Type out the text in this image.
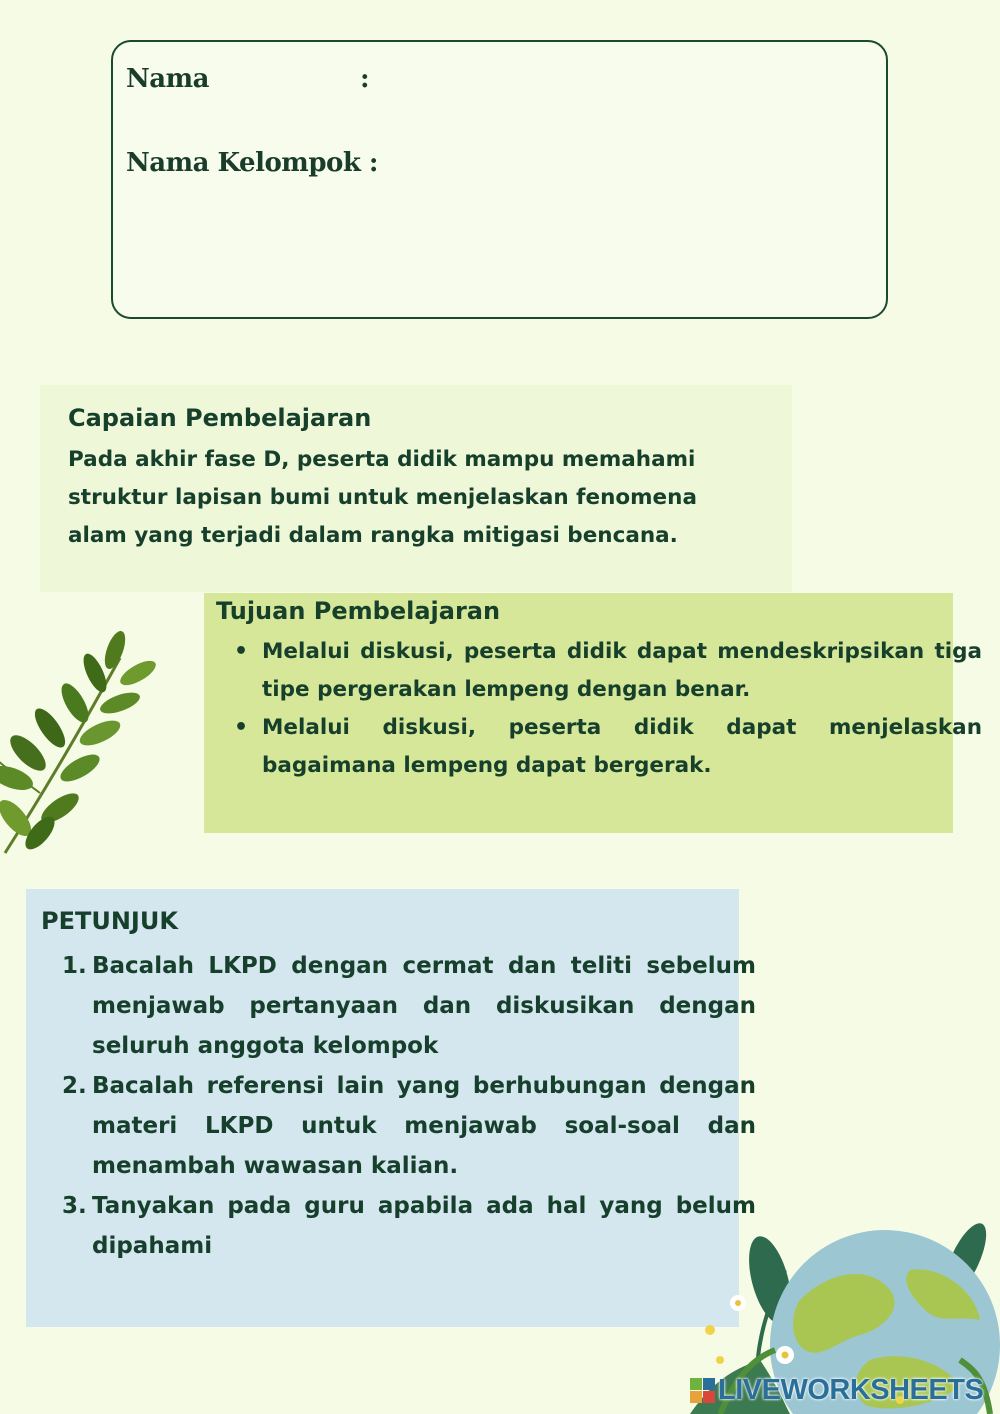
Nama	:
Nama Kelompok :
Capaian Pembelajaran
Pada akhir fase D, peserta didik mampu memahami
struktur lapisan bumi untuk menjelaskan fenomena
alam yang terjadi dalam rangka mitigasi bencana.
Tujuan Pembelajaran
• Melalui diskusi, peserta didik dapat mendeskripsikan tiga tipe pergerakan lempeng dengan benar.
• Melalui diskusi, peserta didik dapat menjelaskan bagaimana lempeng dapat bergerak.
PETUNJUK
1. Bacalah LKPD dengan cermat dan teliti sebelum menjawab pertanyaan dan diskusikan dengan seluruh anggota kelompok
2. Bacalah referensi lain yang berhubungan dengan materi LKPD untuk menjawab soal-soal dan menambah wawasan kalian.
3. Tanyakan pada guru apabila ada hal yang belum dipahami
LIVEWORKSHEETS
